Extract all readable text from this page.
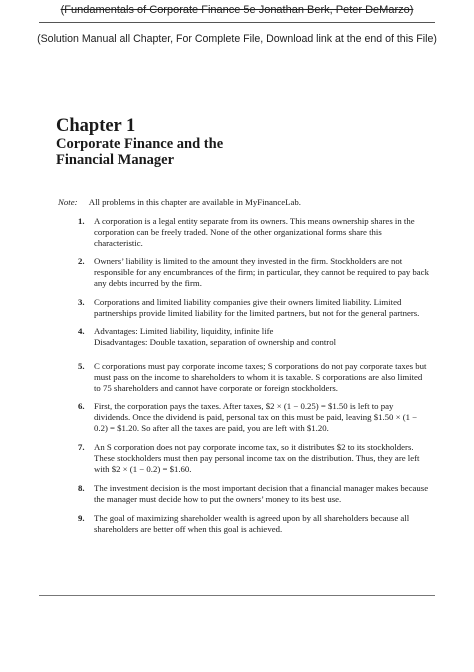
(Fundamentals of Corporate Finance 5e Jonathan Berk, Peter DeMarzo)
(Solution Manual all Chapter, For Complete File, Download link at the end of this File)
Chapter 1
Corporate Finance and the
Financial Manager
Note: All problems in this chapter are available in MyFinanceLab.
1. A corporation is a legal entity separate from its owners. This means ownership shares in the
corporation can be freely traded. None of the other organizational forms share this
characteristic.
2. Owners’ liability is limited to the amount they invested in the firm. Stockholders are not
responsible for any encumbrances of the firm; in particular, they cannot be required to pay back
any debts incurred by the firm.
3. Corporations and limited liability companies give their owners limited liability. Limited
partnerships provide limited liability for the limited partners, but not for the general partners.
4. Advantages: Limited liability, liquidity, infinite life
Disadvantages: Double taxation, separation of ownership and control
5. C corporations must pay corporate income taxes; S corporations do not pay corporate taxes but
must pass on the income to shareholders to whom it is taxable. S corporations are also limited
to 75 shareholders and cannot have corporate or foreign stockholders.
6. First, the corporation pays the taxes. After taxes, $2 × (1 − 0.25) = $1.50 is left to pay
dividends. Once the dividend is paid, personal tax on this must be paid, leaving $1.50 × (1 −
0.2) = $1.20. So after all the taxes are paid, you are left with $1.20.
7. An S corporation does not pay corporate income tax, so it distributes $2 to its stockholders.
These stockholders must then pay personal income tax on the distribution. Thus, they are left
with $2 × (1 − 0.2) = $1.60.
8. The investment decision is the most important decision that a financial manager makes because
the manager must decide how to put the owners’ money to its best use.
9. The goal of maximizing shareholder wealth is agreed upon by all shareholders because all
shareholders are better off when this goal is achieved.
